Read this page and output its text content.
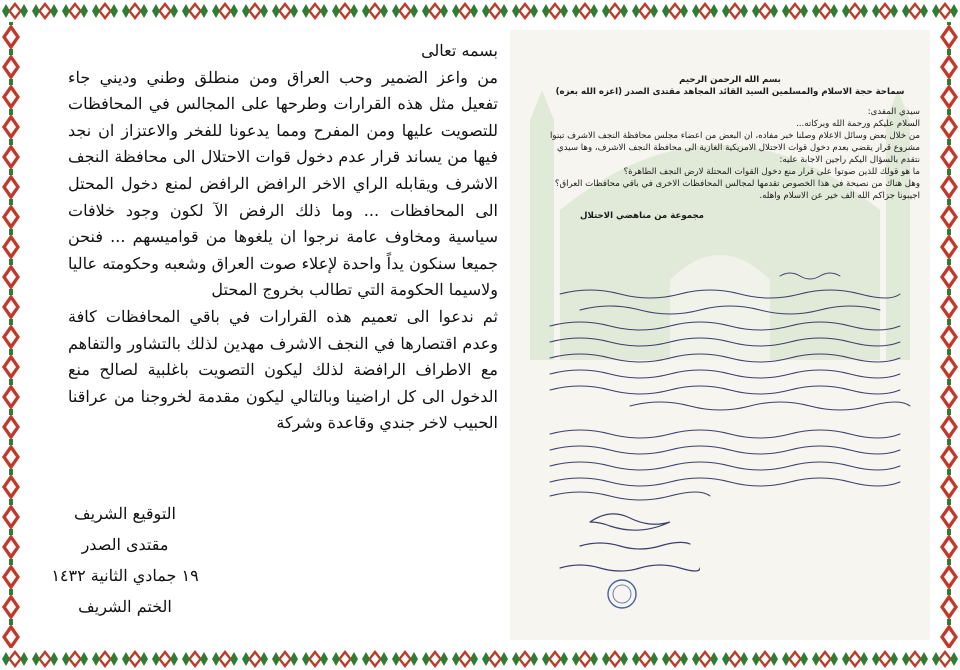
بسم الله الرحمن الرحيم

سماحة حجة الاسلام والمسلمين السيد القائد المجاهد مقتدى الصدر (اعزه الله بعزه)

سيدي المفدى:

السلام عليكم ورحمة الله وبركاته...

من خلال بعض وسائل الاعلام وصلنا خبر مفاده، ان البعض من اعضاء مجلس محافظة النجف الاشرف تبنوا مشروع قرار يقضي بعدم دخول قوات الاحتلال الامريكية الغازية الى محافظة النجف الاشرف، وها سيدي نتقدم بالسؤال اليكم راجين الاجابة عليه:

ما هو قولك للذين صوتوا على قرار منع دخول القوات المحتلة لارض النجف الطاهرة؟

وهل هناك من نصيحة في هذا الخصوص تقدمها لمجالس المحافظات الاخرى في باقي محافظات العراق؟

اجيبونا جزاكم الله الف خير عن الاسلام واهله.

مجموعة من مناهضي الاحتلال

بسمه تعالى

من واعز الضمير وحب العراق ومن منطلق وطني وديني جاء تفعيل مثل هذه القرارات وطرحها على المجالس في المحافظات للتصويت عليها ومن المفرح ومما يدعونا للفخر والاعتزاز ان نجد فيها من يساند قرار عدم دخول قوات الاحتلال الى محافظة النجف الاشرف ويقابله الراي الاخر الرافض الرافض لمنع دخول المحتل الى المحافظات ... وما ذلك الرفض الآ لكون وجود خلافات سياسية ومخاوف عامة نرجوا ان يلغوها من قواميسهم ... فنحن جميعا سنكون يداً واحدة لإعلاء صوت العراق وشعبه وحكومته عاليا ولاسيما الحكومة التي تطالب بخروج المحتل

ثم ندعوا الى تعميم هذه القرارات في باقي المحافظات كافة وعدم اقتصارها في النجف الاشرف مهدين لذلك بالتشاور والتفاهم مع الاطراف الرافضة لذلك ليكون التصويت باغلبية لصالح منع الدخول الى كل اراضينا وبالتالي ليكون مقدمة لخروجنا من عراقنا الحبيب لاخر جندي وقاعدة وشركة

التوقيع الشريف
مقتدى الصدر
١٩ جمادي الثانية ١٤٣٢
الختم الشريف
